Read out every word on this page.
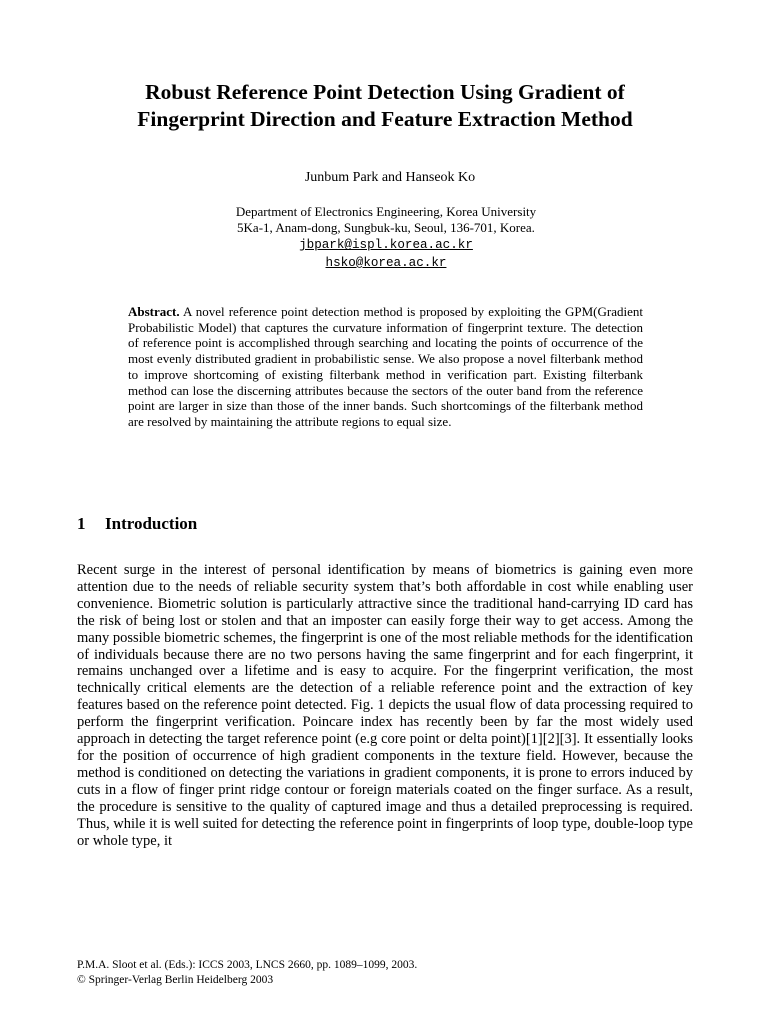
Robust Reference Point Detection Using Gradient of
Fingerprint Direction and Feature Extraction Method
Junbum Park and Hanseok Ko
Department of Electronics Engineering, Korea University
5Ka-1, Anam-dong, Sungbuk-ku, Seoul, 136-701, Korea.
jbpark@ispl.korea.ac.kr
hsko@korea.ac.kr
Abstract. A novel reference point detection method is proposed by exploiting the GPM(Gradient Probabilistic Model) that captures the curvature information of fingerprint texture. The detection of reference point is accomplished through searching and locating the points of occurrence of the most evenly distributed gradient in probabilistic sense. We also propose a novel filterbank method to improve shortcoming of existing filterbank method in verification part. Existing filterbank method can lose the discerning attributes because the sectors of the outer band from the reference point are larger in size than those of the inner bands. Such shortcomings of the filterbank method are resolved by maintaining the attribute regions to equal size.
1 Introduction
Recent surge in the interest of personal identification by means of biometrics is gaining even more attention due to the needs of reliable security system that’s both affordable in cost while enabling user convenience. Biometric solution is particularly attractive since the traditional hand-carrying ID card has the risk of being lost or stolen and that an imposter can easily forge their way to get access. Among the many possible biometric schemes, the fingerprint is one of the most reliable methods for the identification of individuals because there are no two persons having the same fingerprint and for each fingerprint, it remains unchanged over a lifetime and is easy to acquire. For the fingerprint verification, the most technically critical elements are the detection of a reliable reference point and the extraction of key features based on the reference point detected. Fig. 1 depicts the usual flow of data processing required to perform the fingerprint verification. Poincare index has recently been by far the most widely used approach in detecting the target reference point (e.g core point or delta point)[1][2][3]. It essentially looks for the position of occurrence of high gradient components in the texture field. However, because the method is conditioned on detecting the variations in gradient components, it is prone to errors induced by cuts in a flow of finger print ridge contour or foreign materials coated on the finger surface. As a result, the procedure is sensitive to the quality of captured image and thus a detailed preprocessing is required. Thus, while it is well suited for detecting the reference point in fingerprints of loop type, double-loop type or whole type, it
P.M.A. Sloot et al. (Eds.): ICCS 2003, LNCS 2660, pp. 1089–1099, 2003.
© Springer-Verlag Berlin Heidelberg 2003
